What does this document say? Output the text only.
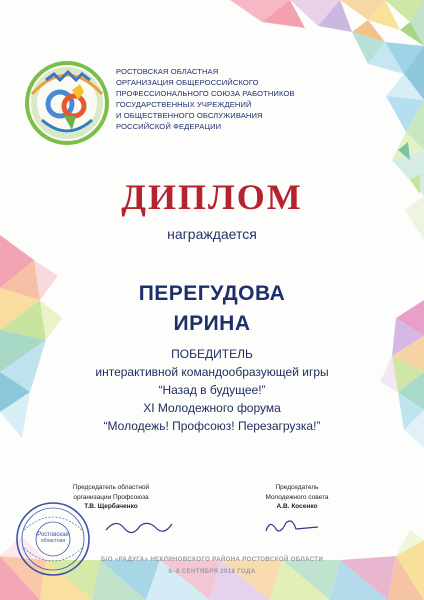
РОСТОВСКАЯ ОБЛАСТНАЯ
ОРГАНИЗАЦИЯ ОБЩЕРОССИЙСКОГО
ПРОФЕССИОНАЛЬНОГО СОЮЗА РАБОТНИКОВ
ГОСУДАРСТВЕННЫХ УЧРЕЖДЕНИЙ
И ОБЩЕСТВЕННОГО ОБСЛУЖИВАНИЯ
РОССИЙСКОЙ ФЕДЕРАЦИИ
ДИПЛОМ
награждается
ПЕРЕГУДОВА
ИРИНА
ПОБЕДИТЕЛЬ
интерактивной командообразующей игры
“Назад в будущее!”
XI Молодежного форума
“Молодежь! Профсоюз! Перезагрузка!”
Председатель областной
организации Профсоюза
Т.В. Щербаченко
Председатель
Молодежного совета
А.В. Косенко
Ростовская
областная
Б/О «РАДУГА» НЕКЛИНОВСКОГО РАЙОНА РОСТОВСКОЙ ОБЛАСТИ
6–8 СЕНТЯБРЯ 2018 ГОДА
